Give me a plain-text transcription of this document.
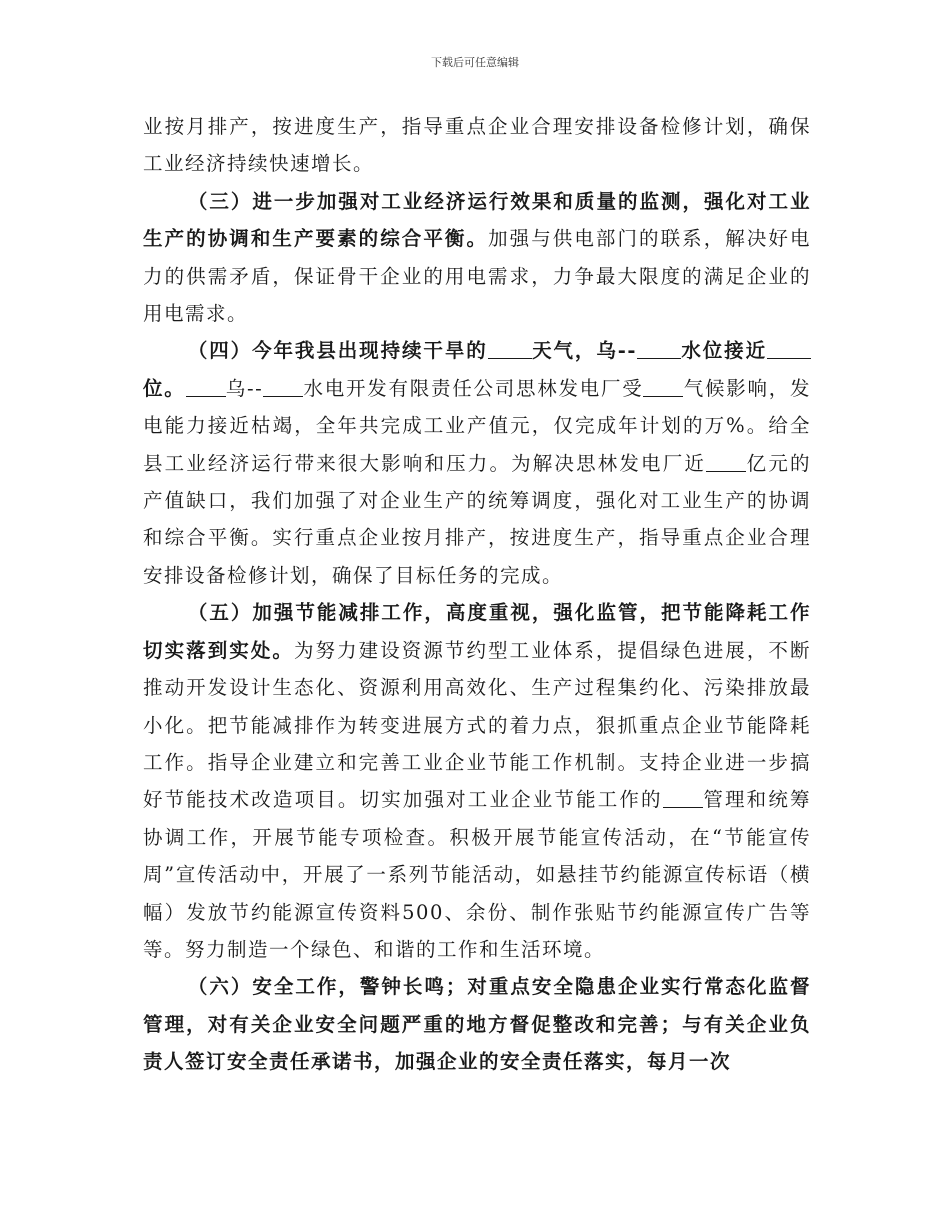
下载后可任意编辑

业按月排产，按进度生产，指导重点企业合理安排设备检修计划，确保工业经济持续快速增长。

（三）进一步加强对工业经济运行效果和质量的监测，强化对工业生产的协调和生产要素的综合平衡。加强与供电部门的联系，解决好电力的供需矛盾，保证骨干企业的用电需求，力争最大限度的满足企业的用电需求。

（四）今年我县出现持续干旱的 天气，乌-- 水位接近位。 乌-- 水电开发有限责任公司思林发电厂受 气候影响，发电能力接近枯竭，全年共完成工业产值元，仅完成年计划的万%。给全县工业经济运行带来很大影响和压力。为解决思林发电厂近 亿元的产值缺口，我们加强了对企业生产的统筹调度，强化对工业生产的协调和综合平衡。实行重点企业按月排产，按进度生产，指导重点企业合理安排设备检修计划，确保了目标任务的完成。

（五）加强节能减排工作，高度重视，强化监管，把节能降耗工作切实落到实处。为努力建设资源节约型工业体系，提倡绿色进展，不断推动开发设计生态化、资源利用高效化、生产过程集约化、污染排放最小化。把节能减排作为转变进展方式的着力点，狠抓重点企业节能降耗工作。指导企业建立和完善工业企业节能工作机制。支持企业进一步搞好节能技术改造项目。切实加强对工业企业节能工作的 管理和统筹协调工作，开展节能专项检查。积极开展节能宣传活动，在“节能宣传周”宣传活动中，开展了一系列节能活动，如悬挂节约能源宣传标语（横幅）发放节约能源宣传资料500、余份、制作张贴节约能源宣传广告等等。努力制造一个绿色、和谐的工作和生活环境。

（六）安全工作，警钟长鸣；对重点安全隐患企业实行常态化监督管理，对有关企业安全问题严重的地方督促整改和完善；与有关企业负责人签订安全责任承诺书，加强企业的安全责任落实，每月一次
